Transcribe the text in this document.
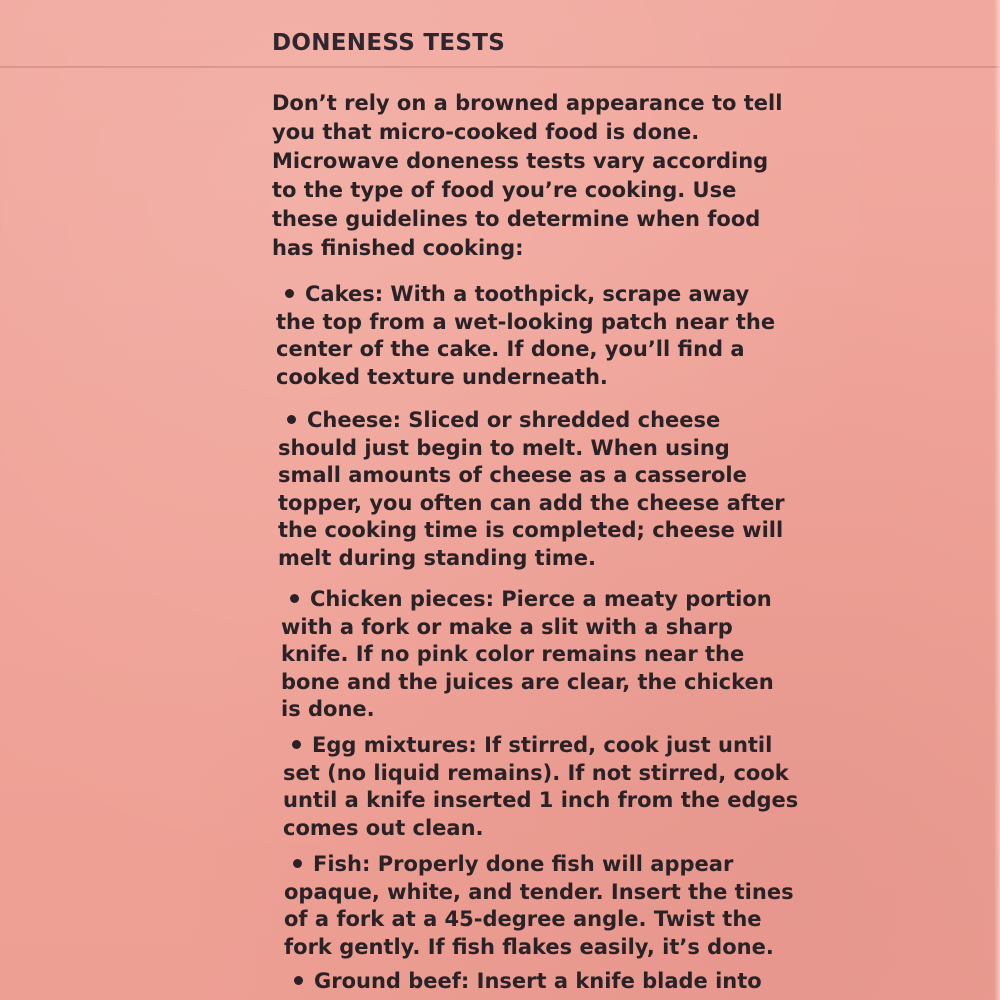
DONENESS TESTS

Don’t rely on a browned appearance to tell
you that micro-cooked food is done.
Microwave doneness tests vary according
to the type of food you’re cooking. Use
these guidelines to determine when food
has finished cooking:

Cakes: With a toothpick, scrape away
the top from a wet-looking patch near the
center of the cake. If done, you’ll find a
cooked texture underneath.
Cheese: Sliced or shredded cheese
should just begin to melt. When using
small amounts of cheese as a casserole
topper, you often can add the cheese after
the cooking time is completed; cheese will
melt during standing time.
Chicken pieces: Pierce a meaty portion
with a fork or make a slit with a sharp
knife. If no pink color remains near the
bone and the juices are clear, the chicken
is done.
Egg mixtures: If stirred, cook just until
set (no liquid remains). If not stirred, cook
until a knife inserted 1 inch from the edges
comes out clean.
Fish: Properly done fish will appear
opaque, white, and tender. Insert the tines
of a fork at a 45-degree angle. Twist the
fork gently. If fish flakes easily, it’s done.
Ground beef: Insert a knife blade into
